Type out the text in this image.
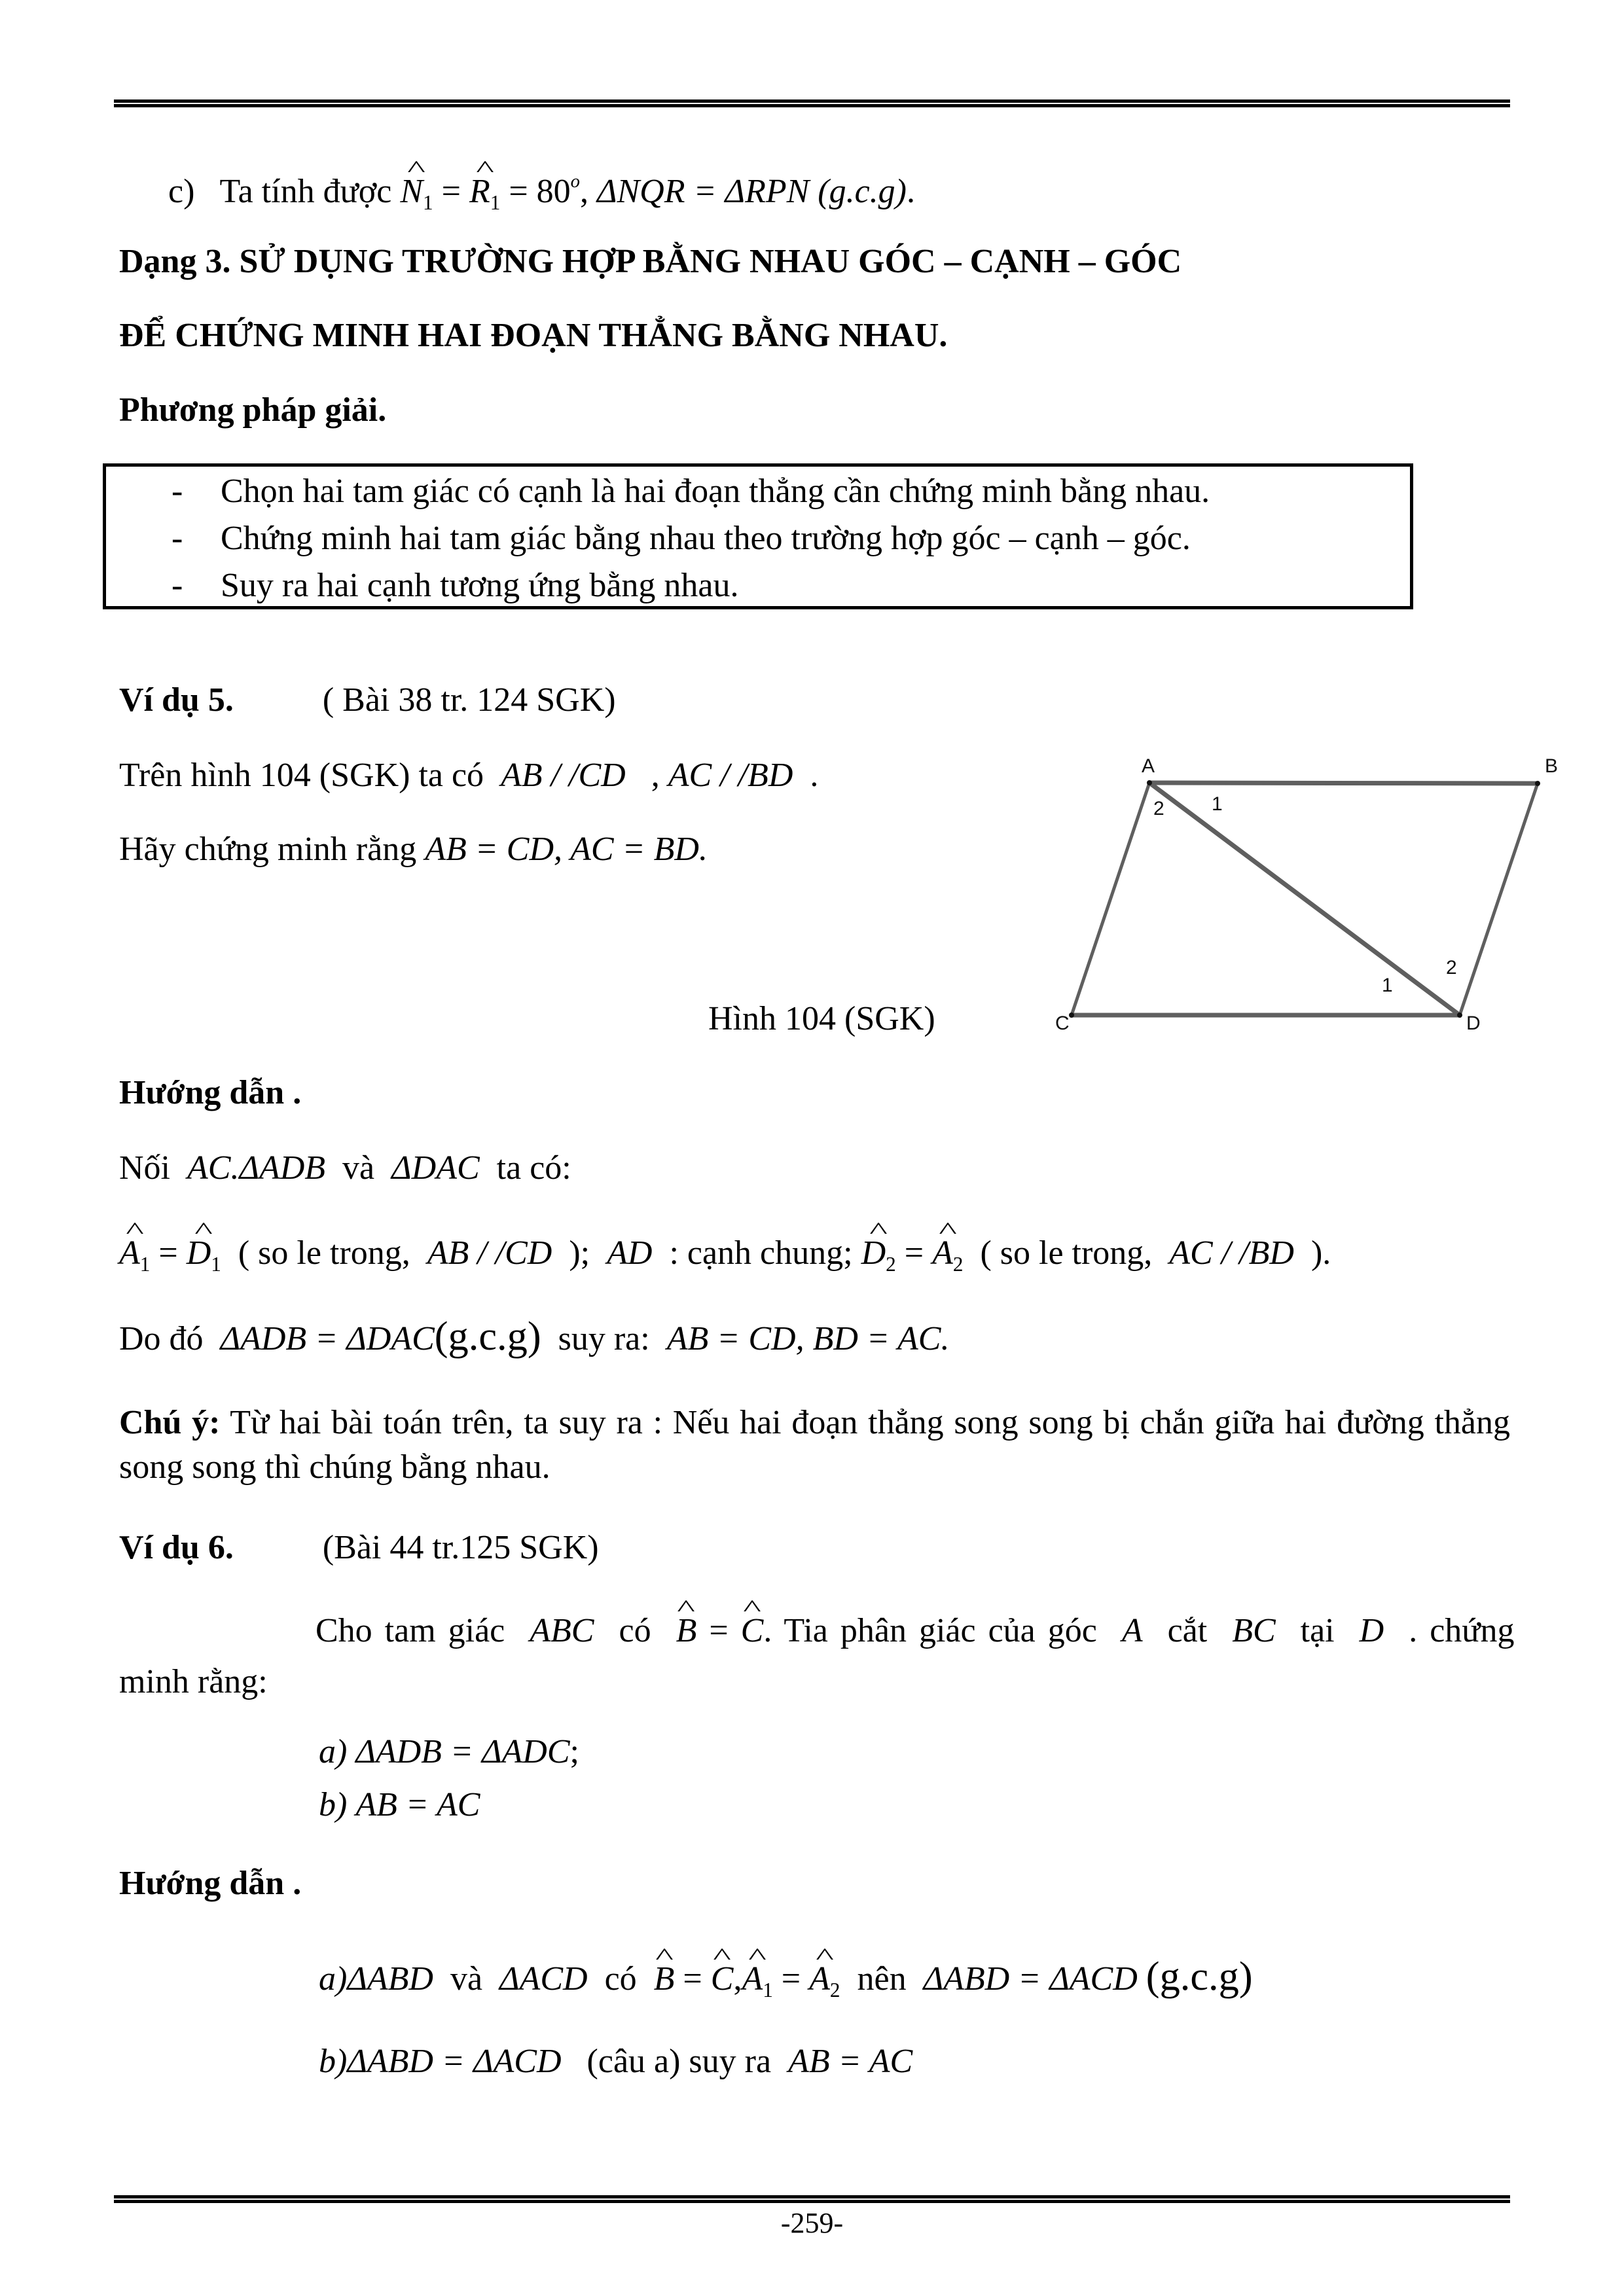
c) Ta tính được ^ $N_1$ = ^ $R_1 = 80^o$, ΔNQR = ΔRPN (g.c.g).
Dạng 3. SỬ DỤNG TRƯỜNG HỢP BẰNG NHAU GÓC – CẠNH – GÓC
ĐỂ CHỨNG MINH HAI ĐOẠN THẲNG BẰNG NHAU.
Phương pháp giải.
- Chọn hai tam giác có cạnh là hai đoạn thẳng cần chứng minh bằng nhau.
- Chứng minh hai tam giác bằng nhau theo trường hợp góc – cạnh – góc.
- Suy ra hai cạnh tương ứng bằng nhau.
Ví dụ 5.	( Bài 38 tr. 124 SGK)
Trên hình 104 (SGK) ta có AB / /CD , AC / /BD .
Hãy chứng minh rằng AB = CD, AC = BD.
A	B
C	D
2 1
1
2
Hình 104 (SGK)
Hướng dẫn .
Nối AC.ΔADB và ΔDAC ta có:
^ $A_1$ = ^ $D_1$ ( so le trong, AB / /CD ); AD : cạnh chung; ^ $D_2$ = ^ $A_2$ ( so le trong, AC / /BD ).
Do đó ΔADB = ΔDAC(g.c.g) suy ra: AB = CD, BD = AC.
Chú ý: Từ hai bài toán trên, ta suy ra : Nếu hai đoạn thẳng song song bị chắn giữa hai đường thẳng song song thì chúng bằng nhau.
Ví dụ 6.	(Bài 44 tr.125 SGK)
Cho tam giác ABC có ^ B = ^ C. Tia phân giác của góc A cắt BC tại D . chứng
minh rằng:
a) ΔADB = ΔADC;
b) AB = AC
Hướng dẫn .
a)ΔABD và ΔACD có ^ B = ^ C,^ $A_1$ = ^ $A_2$ nên ΔABD = ΔACD (g.c.g)
b)ΔABD = ΔACD (câu a) suy ra AB = AC
-259-
